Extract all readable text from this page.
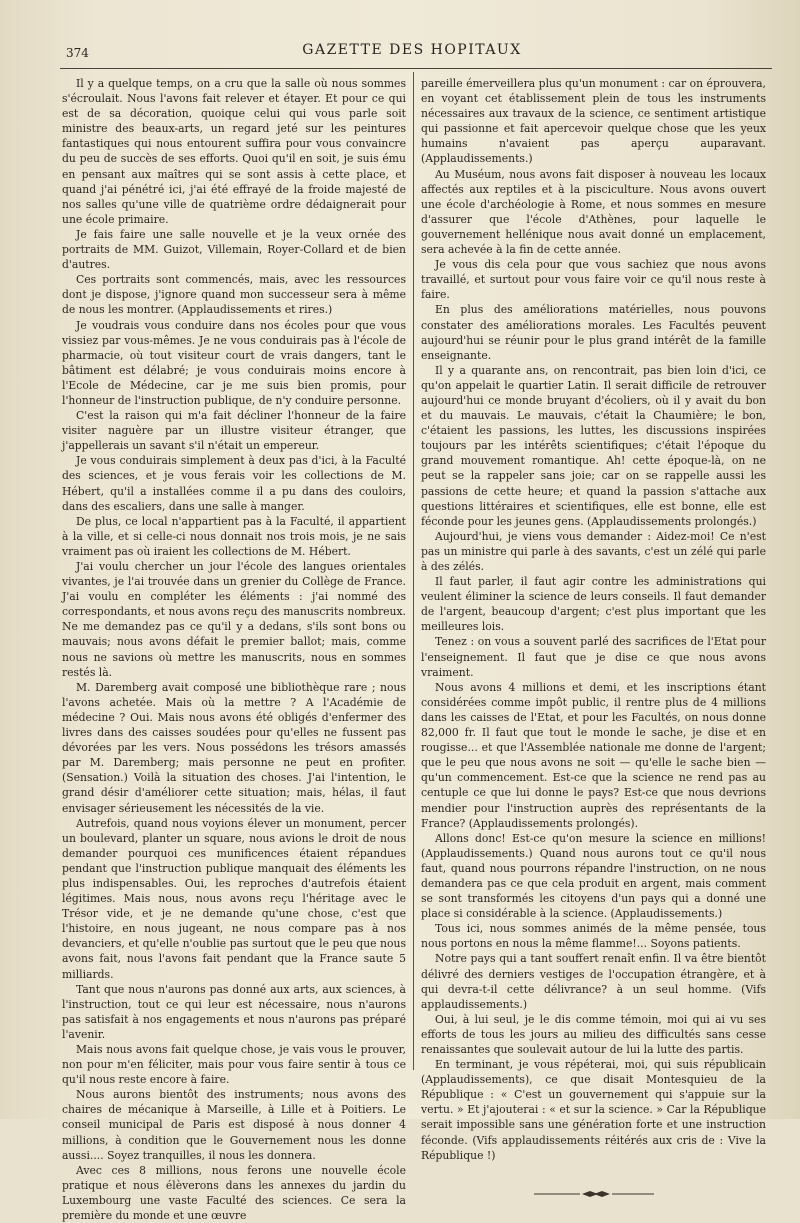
374	GAZETTE DES HOPITAUX

Il y a quelque temps, on a cru que la salle où nous sommes s'écroulait. Nous l'avons fait relever et étayer. Et pour ce qui est de sa décoration, quoique celui qui vous parle soit ministre des beaux-arts, un regard jeté sur les peintures fantastiques qui nous entourent suffira pour vous convaincre du peu de succès de ses efforts. Quoi qu'il en soit, je suis ému en pensant aux maîtres qui se sont assis à cette place, et quand j'ai pénétré ici, j'ai été effrayé de la froide majesté de nos salles qu'une ville de quatrième ordre dédaignerait pour une école primaire.

Je fais faire une salle nouvelle et je la veux ornée des portraits de MM. Guizot, Villemain, Royer-Collard et de bien d'autres.

Ces portraits sont commencés, mais, avec les ressources dont je dispose, j'ignore quand mon successeur sera à même de nous les montrer. (Applaudissements et rires.)

Je voudrais vous conduire dans nos écoles pour que vous vissiez par vous-mêmes. Je ne vous conduirais pas à l'école de pharmacie, où tout visiteur court de vrais dangers, tant le bâtiment est délabré; je vous conduirais moins encore à l'Ecole de Médecine, car je me suis bien promis, pour l'honneur de l'instruction publique, de n'y conduire personne.

C'est la raison qui m'a fait décliner l'honneur de la faire visiter naguère par un illustre visiteur étranger, que j'appellerais un savant s'il n'était un empereur.

Je vous conduirais simplement à deux pas d'ici, à la Faculté des sciences, et je vous ferais voir les collections de M. Hébert, qu'il a installées comme il a pu dans des couloirs, dans des escaliers, dans une salle à manger.

De plus, ce local n'appartient pas à la Faculté, il appartient à la ville, et si celle-ci nous donnait nos trois mois, je ne sais vraiment pas où iraient les collections de M. Hébert.

J'ai voulu chercher un jour l'école des langues orientales vivantes, je l'ai trouvée dans un grenier du Collège de France. J'ai voulu en compléter les éléments : j'ai nommé des correspondants, et nous avons reçu des manuscrits nombreux. Ne me demandez pas ce qu'il y a dedans, s'ils sont bons ou mauvais; nous avons défait le premier ballot; mais, comme nous ne savions où mettre les manuscrits, nous en sommes restés là.

M. Daremberg avait composé une bibliothèque rare ; nous l'avons achetée. Mais où la mettre ? A l'Académie de médecine ? Oui. Mais nous avons été obligés d'enfermer des livres dans des caisses soudées pour qu'elles ne fussent pas dévorées par les vers. Nous possédons les trésors amassés par M. Daremberg; mais personne ne peut en profiter. (Sensation.) Voilà la situation des choses. J'ai l'intention, le grand désir d'améliorer cette situation; mais, hélas, il faut envisager sérieusement les nécessités de la vie.

Autrefois, quand nous voyions élever un monument, percer un boulevard, planter un square, nous avions le droit de nous demander pourquoi ces munificences étaient répandues pendant que l'instruction publique manquait des éléments les plus indispensables. Oui, les reproches d'autrefois étaient légitimes. Mais nous, nous avons reçu l'héritage avec le Trésor vide, et je ne demande qu'une chose, c'est que l'histoire, en nous jugeant, ne nous compare pas à nos devanciers, et qu'elle n'oublie pas surtout que le peu que nous avons fait, nous l'avons fait pendant que la France saute 5 milliards.

Tant que nous n'aurons pas donné aux arts, aux sciences, à l'instruction, tout ce qui leur est nécessaire, nous n'aurons pas satisfait à nos engagements et nous n'aurons pas préparé l'avenir.

Mais nous avons fait quelque chose, je vais vous le prouver, non pour m'en féliciter, mais pour vous faire sentir à tous ce qu'il nous reste encore à faire.

Nous aurons bientôt des instruments; nous avons des chaires de mécanique à Marseille, à Lille et à Poitiers. Le conseil municipal de Paris est disposé à nous donner 4 millions, à condition que le Gouvernement nous les donne aussi.... Soyez tranquilles, il nous les donnera.

Avec ces 8 millions, nous ferons une nouvelle école pratique et nous élèverons dans les annexes du jardin du Luxembourg une vaste Faculté des sciences. Ce sera la première du monde et une œuvre

pareille émerveillera plus qu'un monument : car on éprouvera, en voyant cet établissement plein de tous les instruments nécessaires aux travaux de la science, ce sentiment artistique qui passionne et fait apercevoir quelque chose que les yeux humains n'avaient pas aperçu auparavant. (Applaudissements.)

Au Muséum, nous avons fait disposer à nouveau les locaux affectés aux reptiles et à la pisciculture. Nous avons ouvert une école d'archéologie à Rome, et nous sommes en mesure d'assurer que l'école d'Athènes, pour laquelle le gouvernement hellénique nous avait donné un emplacement, sera achevée à la fin de cette année.

Je vous dis cela pour que vous sachiez que nous avons travaillé, et surtout pour vous faire voir ce qu'il nous reste à faire.

En plus des améliorations matérielles, nous pouvons constater des améliorations morales. Les Facultés peuvent aujourd'hui se réunir pour le plus grand intérêt de la famille enseignante.

Il y a quarante ans, on rencontrait, pas bien loin d'ici, ce qu'on appelait le quartier Latin. Il serait difficile de retrouver aujourd'hui ce monde bruyant d'écoliers, où il y avait du bon et du mauvais. Le mauvais, c'était la Chaumière; le bon, c'étaient les passions, les luttes, les discussions inspirées toujours par les intérêts scientifiques; c'était l'époque du grand mouvement romantique. Ah! cette époque-là, on ne peut se la rappeler sans joie; car on se rappelle aussi les passions de cette heure; et quand la passion s'attache aux questions littéraires et scientifiques, elle est bonne, elle est féconde pour les jeunes gens. (Applaudissements prolongés.)

Aujourd'hui, je viens vous demander : Aidez-moi! Ce n'est pas un ministre qui parle à des savants, c'est un zélé qui parle à des zélés.

Il faut parler, il faut agir contre les administrations qui veulent éliminer la science de leurs conseils. Il faut demander de l'argent, beaucoup d'argent; c'est plus important que les meilleures lois.

Tenez : on vous a souvent parlé des sacrifices de l'Etat pour l'enseignement. Il faut que je dise ce que nous avons vraiment.

Nous avons 4 millions et demi, et les inscriptions étant considérées comme impôt public, il rentre plus de 4 millions dans les caisses de l'Etat, et pour les Facultés, on nous donne 82,000 fr. Il faut que tout le monde le sache, je dise et en rougisse... et que l'Assemblée nationale me donne de l'argent; que le peu que nous avons ne soit — qu'elle le sache bien — qu'un commencement. Est-ce que la science ne rend pas au centuple ce que lui donne le pays? Est-ce que nous devrions mendier pour l'instruction auprès des représentants de la France? (Applaudissements prolongés).

Allons donc! Est-ce qu'on mesure la science en millions! (Applaudissements.) Quand nous aurons tout ce qu'il nous faut, quand nous pourrons répandre l'instruction, on ne nous demandera pas ce que cela produit en argent, mais comment se sont transformés les citoyens d'un pays qui a donné une place si considérable à la science. (Applaudissements.)

Tous ici, nous sommes animés de la même pensée, tous nous portons en nous la même flamme!... Soyons patients.

Notre pays qui a tant souffert renaît enfin. Il va être bientôt délivré des derniers vestiges de l'occupation étrangère, et à qui devra-t-il cette délivrance? à un seul homme. (Vifs applaudissements.)

Oui, à lui seul, je le dis comme témoin, moi qui ai vu ses efforts de tous les jours au milieu des difficultés sans cesse renaissantes que soulevait autour de lui la lutte des partis.

En terminant, je vous répéterai, moi, qui suis républicain (Applaudissements), ce que disait Montesquieu de la République : « C'est un gouvernement qui s'appuie sur la vertu. » Et j'ajouterai : « et sur la science. » Car la République serait impossible sans une génération forte et une instruction féconde. (Vifs applaudissements réitérés aux cris de : Vive la République !)
